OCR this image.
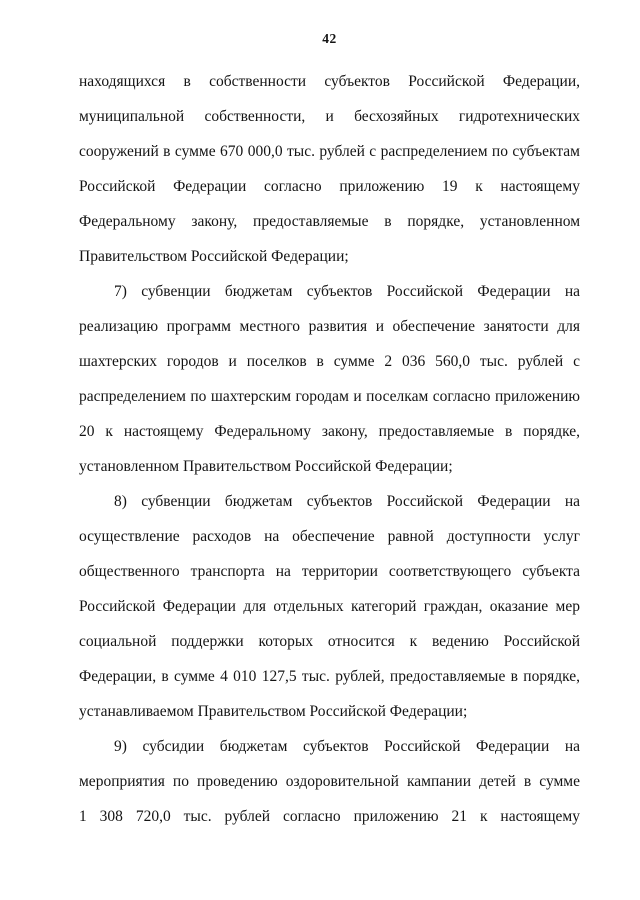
42
находящихся в собственности субъектов Российской Федерации,
муниципальной собственности, и бесхозяйных гидротехнических
сооружений в сумме 670 000,0 тыс. рублей с распределением по субъектам
Российской Федерации согласно приложению 19 к настоящему
Федеральному закону, предоставляемые в порядке, установленном
Правительством Российской Федерации;
7) субвенции бюджетам субъектов Российской Федерации на
реализацию программ местного развития и обеспечение занятости для
шахтерских городов и поселков в сумме 2 036 560,0 тыс. рублей с
распределением по шахтерским городам и поселкам согласно приложению
20 к настоящему Федеральному закону, предоставляемые в порядке,
установленном Правительством Российской Федерации;
8) субвенции бюджетам субъектов Российской Федерации на
осуществление расходов на обеспечение равной доступности услуг
общественного транспорта на территории соответствующего субъекта
Российской Федерации для отдельных категорий граждан, оказание мер
социальной поддержки которых относится к ведению Российской
Федерации, в сумме 4 010 127,5 тыс. рублей, предоставляемые в порядке,
устанавливаемом Правительством Российской Федерации;
9) субсидии бюджетам субъектов Российской Федерации на
мероприятия по проведению оздоровительной кампании детей в сумме
1 308 720,0 тыс. рублей согласно приложению 21 к настоящему
